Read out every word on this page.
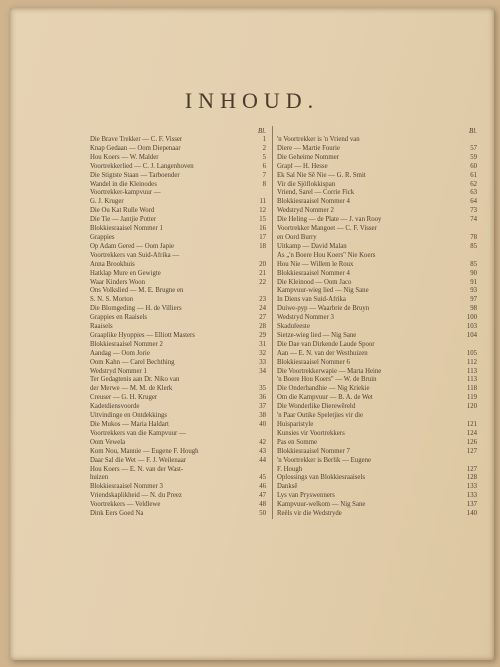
INHOUD.
Bl.
Die Brave Trekker — C. F. Visser	1
Knap Gedaan — Oom Diepenaar	2
Hou Koers — W. Malder	5
Voortrekkerlied — C. J. Langenhoven	6
Die Stigtste Staan — Tarboender	7
Wandel in die Kleinodes	8
Voortrekker-kampvuur —
G. J. Kruger	11
Die Ou Kat Rulle Word	12
Die Tie — Jantjie Potter	15
Blokkiesraaisel Nommer 1	16
Grappies	17
Op Adam Gered — Oom Japie	18
Voortrekkers van Suid-Afrika —
Anna Brookhuis	20
Hatklap Mure en Gewigte	21
Waar Kinders Woon	22
Ons Volkslied — M. E. Brugne en
S. N. S. Morton	23
Die Blomgeding — H. de Villiers	24
Grappies en Raaisels	27
Raaisels	28
Graaplike Hyoppies — Elliott Masters	29
Blokkiesraaisel Nommer 2	31
Aandag — Oom Jorie	32
Oom Kahn — Carel Bechthing	33
Wedstryd Nommer 1	34
Ter Gedagtenis aan Dr. Niko van
der Merwe — M. M. de Klerk	35
Creuser — G. H. Kruger	36
Kadetdiensvoorde	37
Uitvindinge en Ontdekkings	38
Die Mukos — Maria Haldart	40
Voortrekkers van die Kampvuur —
Oom Vewela	42
Kom Nou, Mannie — Eugene F. Hough	43
Daar Sal die Wet — F. J. Weilenaar	44
Hou Koers — E. N. van der Wast-
huizen	45
Blokkiesraaisel Nommer 3	46
Vriendskaplikheid — N. du Preez	47
Voortrekkers — Veldlewe	48
Dink Eers Goed Na	50
Bl.
'n Voortrekker is 'n Vriend van
Diere — Martie Fourie	57
Die Geheime Nommer	59
Grapf — H. Hesse	60
Ek Sal Nie Sê Nie — G. R. Smit	61
Vir die Sjöflokkispan	62
Vriend, Sarel — Corrie Fick	63
Blokkiesraaisel Nommer 4	64
Wedstryd Nommer 2	73
Die Heling — de Plate — J. van Rooy	74
Voortrekker Mangoet — C. F. Visser
en Oord Burry	78
Uitkamp — David Malan	85
As „'n Boere Hou Koers" Nie Koers
Hou Nie — Willem le Roux	85
Blokkiesraaisel Nommer 4	90
Die Kleinood — Oom Jaco	91
Kampvuur-wieg lied — Nig Sane	93
In Diens van Suid-Afrika	97
Duiwe-pyp — Waarbrie de Bruyn	98
Wedstryd Nommer 3	100
Skadufeeste	103
Sietze-wieg lied — Nig Sane	104
Die Dae van Dirkende Laude Spoor
Aan — E. N. van der Westhuizen	105
Blokkiesraaisel Nommer 6	112
Die Voortrekkerwapie — Marta Heine	113
'n Boere Hou Koers" — W. de Bruin	113
Die Onderhandhie — Nig Kriekie	118
Om die Kampvuur — B. A. de Wet	119
Die Wonderlike Dierewêreld	120
'n Paar Outike Speletjies vir die
Huisparistyle	121
Kunsies vir Voortrekkers	124
Pas en Somme	126
Blokkiesraaisel Nommer 7	127
'n Voortrekker is Berlik — Eugene
F. Hough	127
Oplossings van Blokkiesraaisels	128
Danksê	133
Lys van Pryswenners	133
Kampvuur-welkom — Nig Sane	137
Reëls vir die Wedstryde	140
